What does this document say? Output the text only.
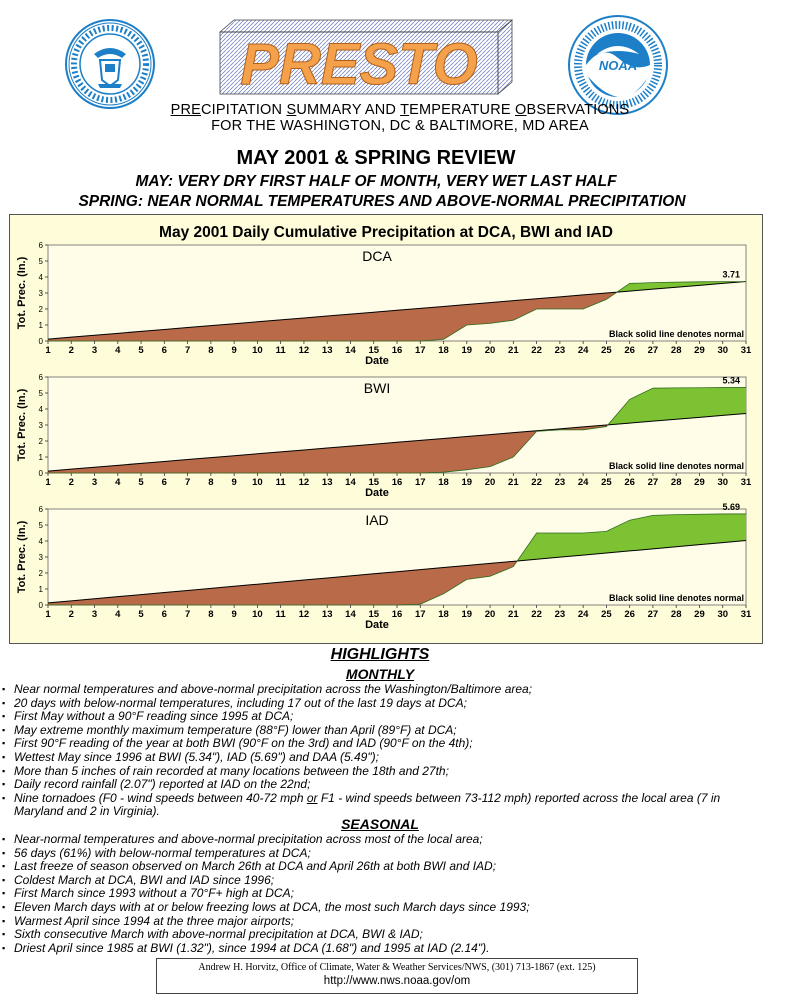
PRESTO	NOAA
PRECIPITATION SUMMARY AND TEMPERATURE OBSERVATIONS
FOR THE WASHINGTON, DC & BALTIMORE, MD AREA
MAY 2001 & SPRING REVIEW
MAY: VERY DRY FIRST HALF OF MONTH, VERY WET LAST HALF
SPRING: NEAR NORMAL TEMPERATURES AND ABOVE-NORMAL PRECIPITATION
May 2001 Daily Cumulative Precipitation at DCA, BWI and IAD
0
1
2
3
4
5
6
1 2 3 4 5 6 7 8 9 10 11 12 13 14 15 16 17 18 19 20 21 22 23 24 25 26 27 28 29 30 31
Date
Tot. Prec. (In.)
DCA
3.71
Black solid line denotes normal
0
1
2
3
4
5
6
1 2 3 4 5 6 7 8 9 10 11 12 13 14 15 16 17 18 19 20 21 22 23 24 25 26 27 28 29 30 31
Date
Tot. Prec. (In.)
BWI	5.34
Black solid line denotes normal
0
1
2
3
4
5
6
1 2 3 4 5 6 7 8 9 10 11 12 13 14 15 16 17 18 19 20 21 22 23 24 25 26 27 28 29 30 31
Date
Tot. Prec. (In.)
IAD
5.69
Black solid line denotes normal
HIGHLIGHTS
MONTHLY
▪ Near normal temperatures and above-normal precipitation across the Washington/Baltimore area;
▪ 20 days with below-normal temperatures, including 17 out of the last 19 days at DCA;
▪ First May without a 90°F reading since 1995 at DCA;
▪ May extreme monthly maximum temperature (88°F) lower than April (89°F) at DCA;
▪ First 90°F reading of the year at both BWI (90°F on the 3rd) and IAD (90°F on the 4th);
▪ Wettest May since 1996 at BWI (5.34"), IAD (5.69") and DAA (5.49");
▪ More than 5 inches of rain recorded at many locations between the 18th and 27th;
▪ Daily record rainfall (2.07") reported at IAD on the 22nd;
▪ Nine tornadoes (F0 - wind speeds between 40-72 mph or F1 - wind speeds between 73-112 mph) reported across the local area (7 in Maryland and 2 in Virginia).
SEASONAL
▪ Near-normal temperatures and above-normal precipitation across most of the local area;
▪ 56 days (61%) with below-normal temperatures at DCA;
▪ Last freeze of season observed on March 26th at DCA and April 26th at both BWI and IAD;
▪ Coldest March at DCA, BWI and IAD since 1996;
▪ First March since 1993 without a 70°F+ high at DCA;
▪ Eleven March days with at or below freezing lows at DCA, the most such March days since 1993;
▪ Warmest April since 1994 at the three major airports;
▪ Sixth consecutive March with above-normal precipitation at DCA, BWI & IAD;
▪ Driest April since 1985 at BWI (1.32"), since 1994 at DCA (1.68") and 1995 at IAD (2.14").
Andrew H. Horvitz, Office of Climate, Water & Weather Services/NWS, (301) 713-1867 (ext. 125)
http://www.nws.noaa.gov/om
